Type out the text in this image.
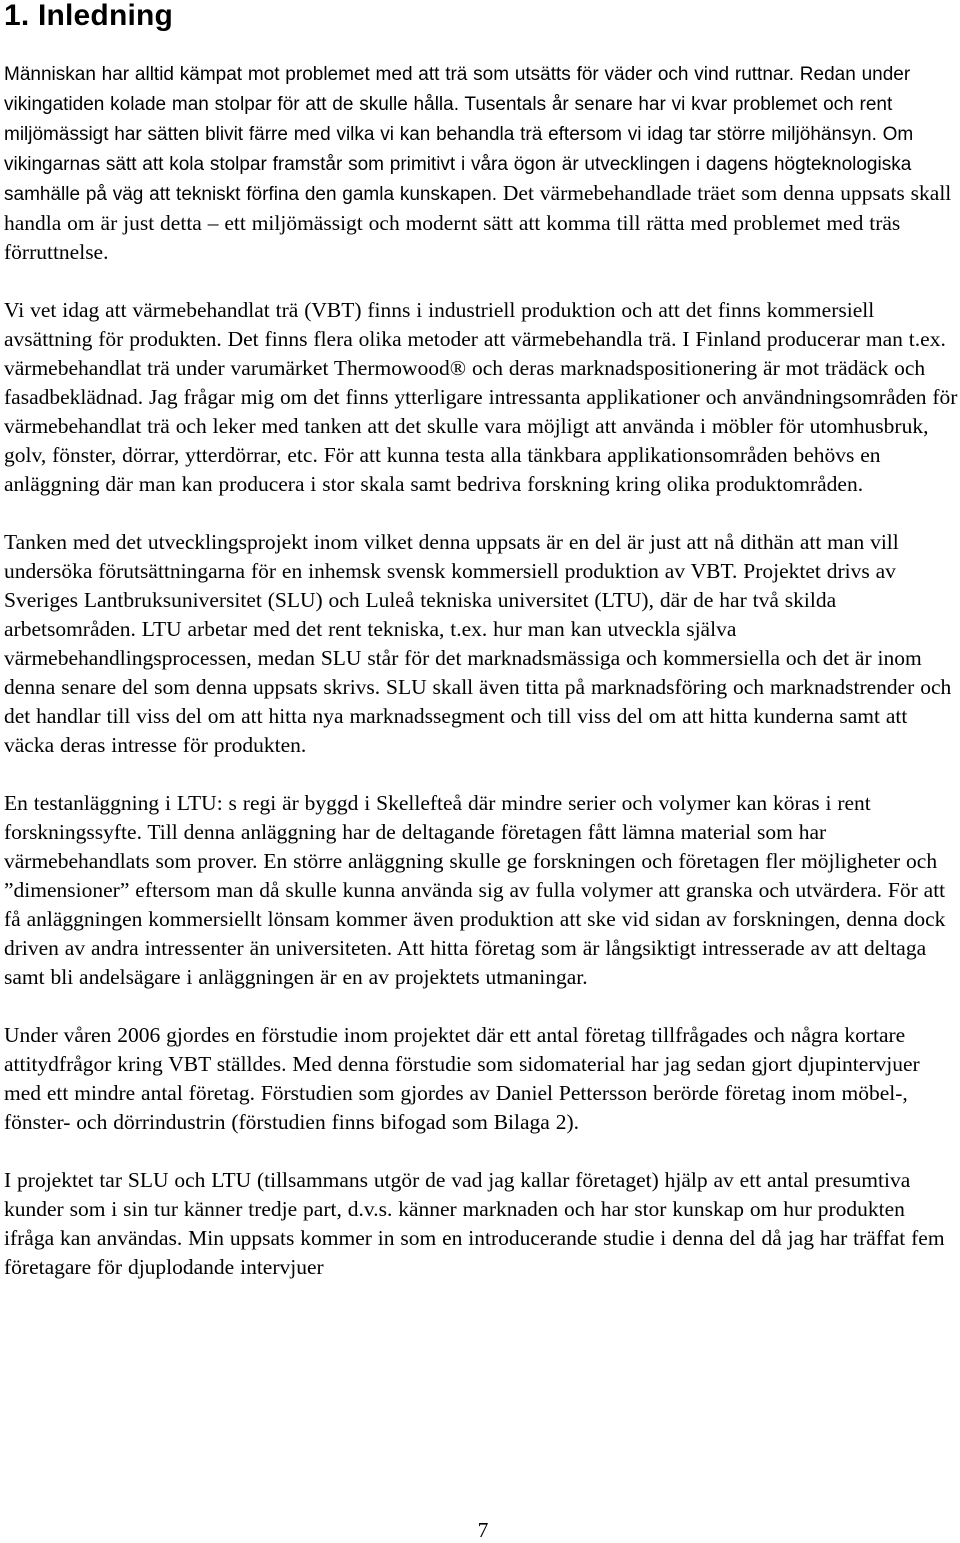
1. Inledning

Människan har alltid kämpat mot problemet med att trä som utsätts för väder och vind ruttnar. Redan under vikingatiden kolade man stolpar för att de skulle hålla. Tusentals år senare har vi kvar problemet och rent miljömässigt har sätten blivit färre med vilka vi kan behandla trä eftersom vi idag tar större miljöhänsyn. Om vikingarnas sätt att kola stolpar framstår som primitivt i våra ögon är utvecklingen i dagens högteknologiska samhälle på väg att tekniskt förfina den gamla kunskapen. Det värmebehandlade träet som denna uppsats skall handla om är just detta – ett miljömässigt och modernt sätt att komma till rätta med problemet med träs förruttnelse.

Vi vet idag att värmebehandlat trä (VBT) finns i industriell produktion och att det finns kommersiell avsättning för produkten. Det finns flera olika metoder att värmebehandla trä. I Finland producerar man t.ex. värmebehandlat trä under varumärket Thermowood® och deras marknadspositionering är mot trädäck och fasadbeklädnad. Jag frågar mig om det finns ytterligare intressanta applikationer och användningsområden för värmebehandlat trä och leker med tanken att det skulle vara möjligt att använda i möbler för utomhusbruk, golv, fönster, dörrar, ytterdörrar, etc. För att kunna testa alla tänkbara applikationsområden behövs en anläggning där man kan producera i stor skala samt bedriva forskning kring olika produktområden.

Tanken med det utvecklingsprojekt inom vilket denna uppsats är en del är just att nå dithän att man vill undersöka förutsättningarna för en inhemsk svensk kommersiell produktion av VBT. Projektet drivs av Sveriges Lantbruksuniversitet (SLU) och Luleå tekniska universitet (LTU), där de har två skilda arbetsområden. LTU arbetar med det rent tekniska, t.ex. hur man kan utveckla själva värmebehandlingsprocessen, medan SLU står för det marknadsmässiga och kommersiella och det är inom denna senare del som denna uppsats skrivs. SLU skall även titta på marknadsföring och marknadstrender och det handlar till viss del om att hitta nya marknadssegment och till viss del om att hitta kunderna samt att väcka deras intresse för produkten.

En testanläggning i LTU: s regi är byggd i Skellefteå där mindre serier och volymer kan köras i rent forskningssyfte. Till denna anläggning har de deltagande företagen fått lämna material som har värmebehandlats som prover. En större anläggning skulle ge forskningen och företagen fler möjligheter och ”dimensioner” eftersom man då skulle kunna använda sig av fulla volymer att granska och utvärdera. För att få anläggningen kommersiellt lönsam kommer även produktion att ske vid sidan av forskningen, denna dock driven av andra intressenter än universiteten. Att hitta företag som är långsiktigt intresserade av att deltaga samt bli andelsägare i anläggningen är en av projektets utmaningar.

Under våren 2006 gjordes en förstudie inom projektet där ett antal företag tillfrågades och några kortare attitydfrågor kring VBT ställdes. Med denna förstudie som sidomaterial har jag sedan gjort djupintervjuer med ett mindre antal företag. Förstudien som gjordes av Daniel Pettersson berörde företag inom möbel-, fönster- och dörrindustrin (förstudien finns bifogad som Bilaga 2).

I projektet tar SLU och LTU (tillsammans utgör de vad jag kallar företaget) hjälp av ett antal presumtiva kunder som i sin tur känner tredje part, d.v.s. känner marknaden och har stor kunskap om hur produkten ifråga kan användas. Min uppsats kommer in som en introducerande studie i denna del då jag har träffat fem företagare för djuplodande intervjuer

7
